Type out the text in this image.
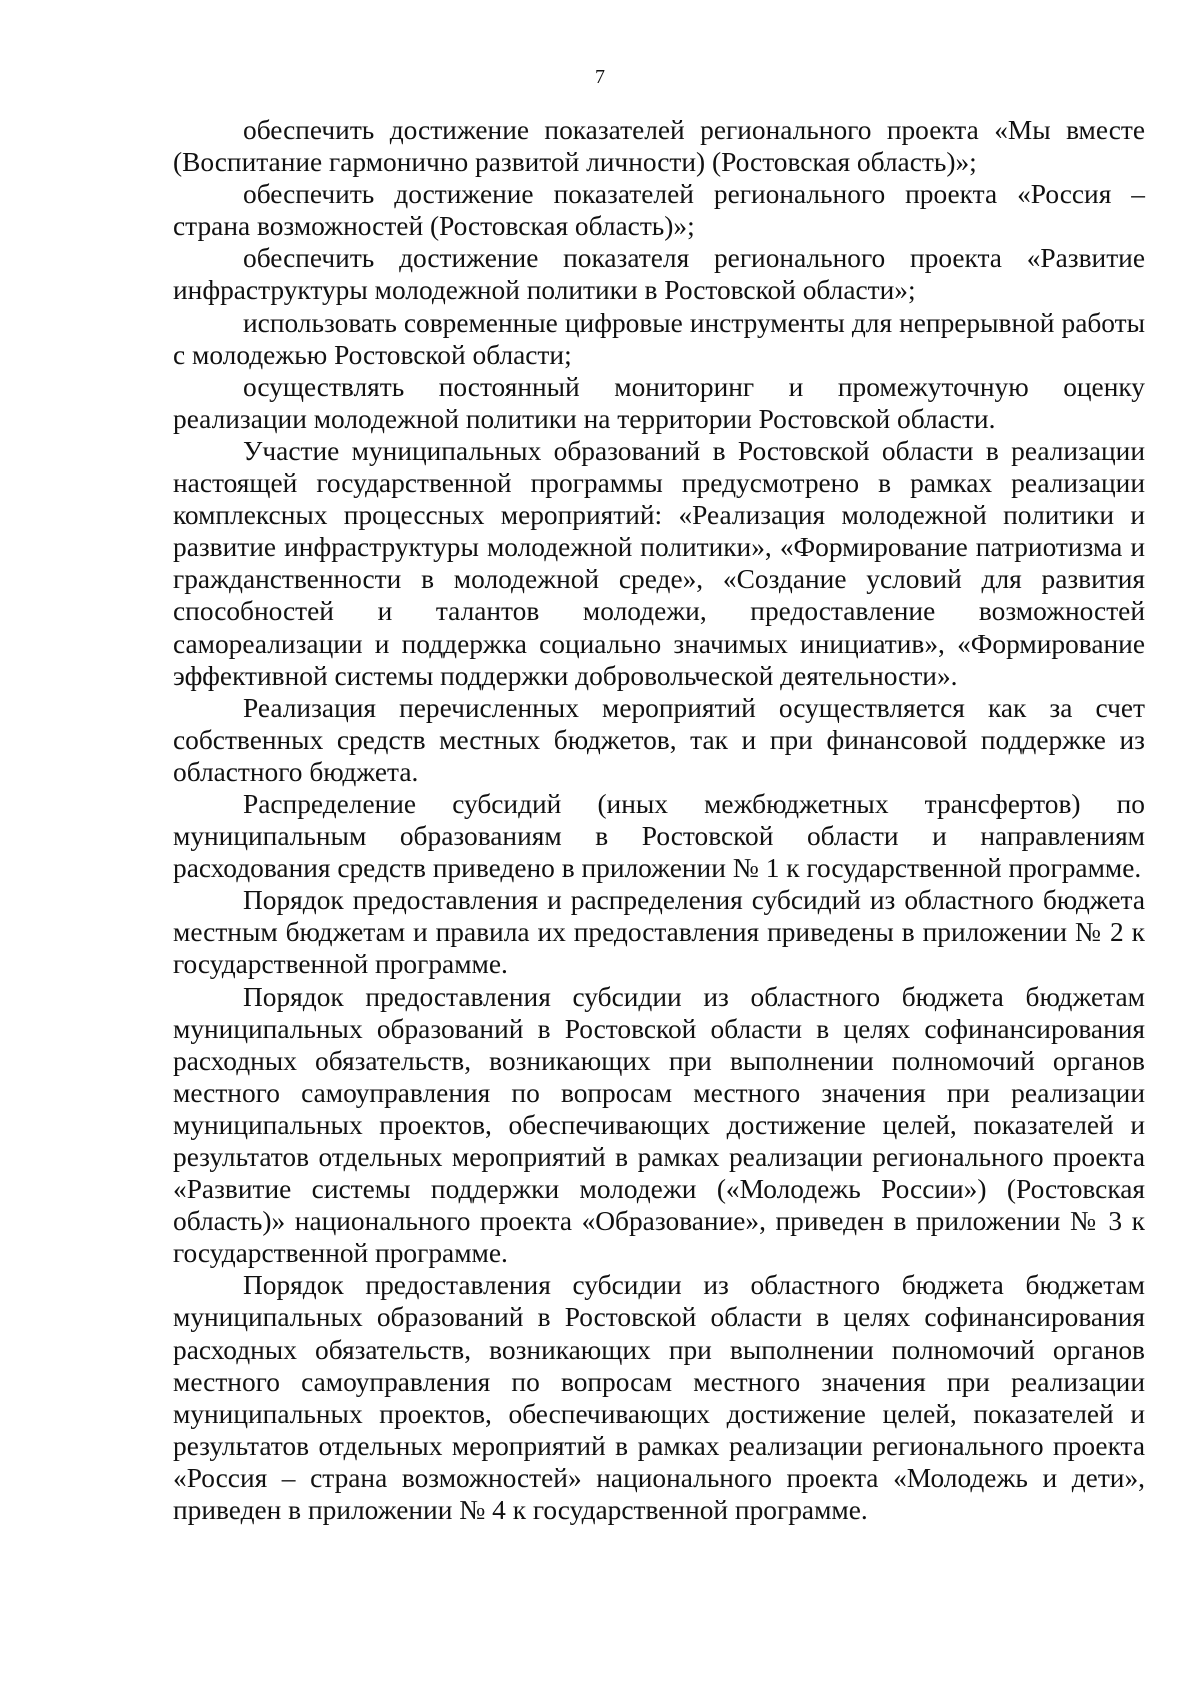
7

обеспечить достижение показателей регионального проекта «Мы вместе (Воспитание гармонично развитой личности) (Ростовская область)»;

обеспечить достижение показателей регионального проекта «Россия – страна возможностей (Ростовская область)»;

обеспечить достижение показателя регионального проекта «Развитие инфраструктуры молодежной политики в Ростовской области»;

использовать современные цифровые инструменты для непрерывной работы с молодежью Ростовской области;

осуществлять постоянный мониторинг и промежуточную оценку реализации молодежной политики на территории Ростовской области.

Участие муниципальных образований в Ростовской области в реализации настоящей государственной программы предусмотрено в рамках реализации комплексных процессных мероприятий: «Реализация молодежной политики и развитие инфраструктуры молодежной политики», «Формирование патриотизма и гражданственности в молодежной среде», «Создание условий для развития способностей и талантов молодежи, предоставление возможностей самореализации и поддержка социально значимых инициатив», «Формирование эффективной системы поддержки добровольческой деятельности».

Реализация перечисленных мероприятий осуществляется как за счет собственных средств местных бюджетов, так и при финансовой поддержке из областного бюджета.

Распределение субсидий (иных межбюджетных трансфертов) по муниципальным образованиям в Ростовской области и направлениям расходования средств приведено в приложении № 1 к государственной программе.

Порядок предоставления и распределения субсидий из областного бюджета местным бюджетам и правила их предоставления приведены в приложении № 2 к государственной программе.

Порядок предоставления субсидии из областного бюджета бюджетам муниципальных образований в Ростовской области в целях софинансирования расходных обязательств, возникающих при выполнении полномочий органов местного самоуправления по вопросам местного значения при реализации муниципальных проектов, обеспечивающих достижение целей, показателей и результатов отдельных мероприятий в рамках реализации регионального проекта «Развитие системы поддержки молодежи («Молодежь России») (Ростовская область)» национального проекта «Образование», приведен в приложении № 3 к государственной программе.

Порядок предоставления субсидии из областного бюджета бюджетам муниципальных образований в Ростовской области в целях софинансирования расходных обязательств, возникающих при выполнении полномочий органов местного самоуправления по вопросам местного значения при реализации муниципальных проектов, обеспечивающих достижение целей, показателей и результатов отдельных мероприятий в рамках реализации регионального проекта «Россия – страна возможностей» национального проекта «Молодежь и дети», приведен в приложении № 4 к государственной программе.
